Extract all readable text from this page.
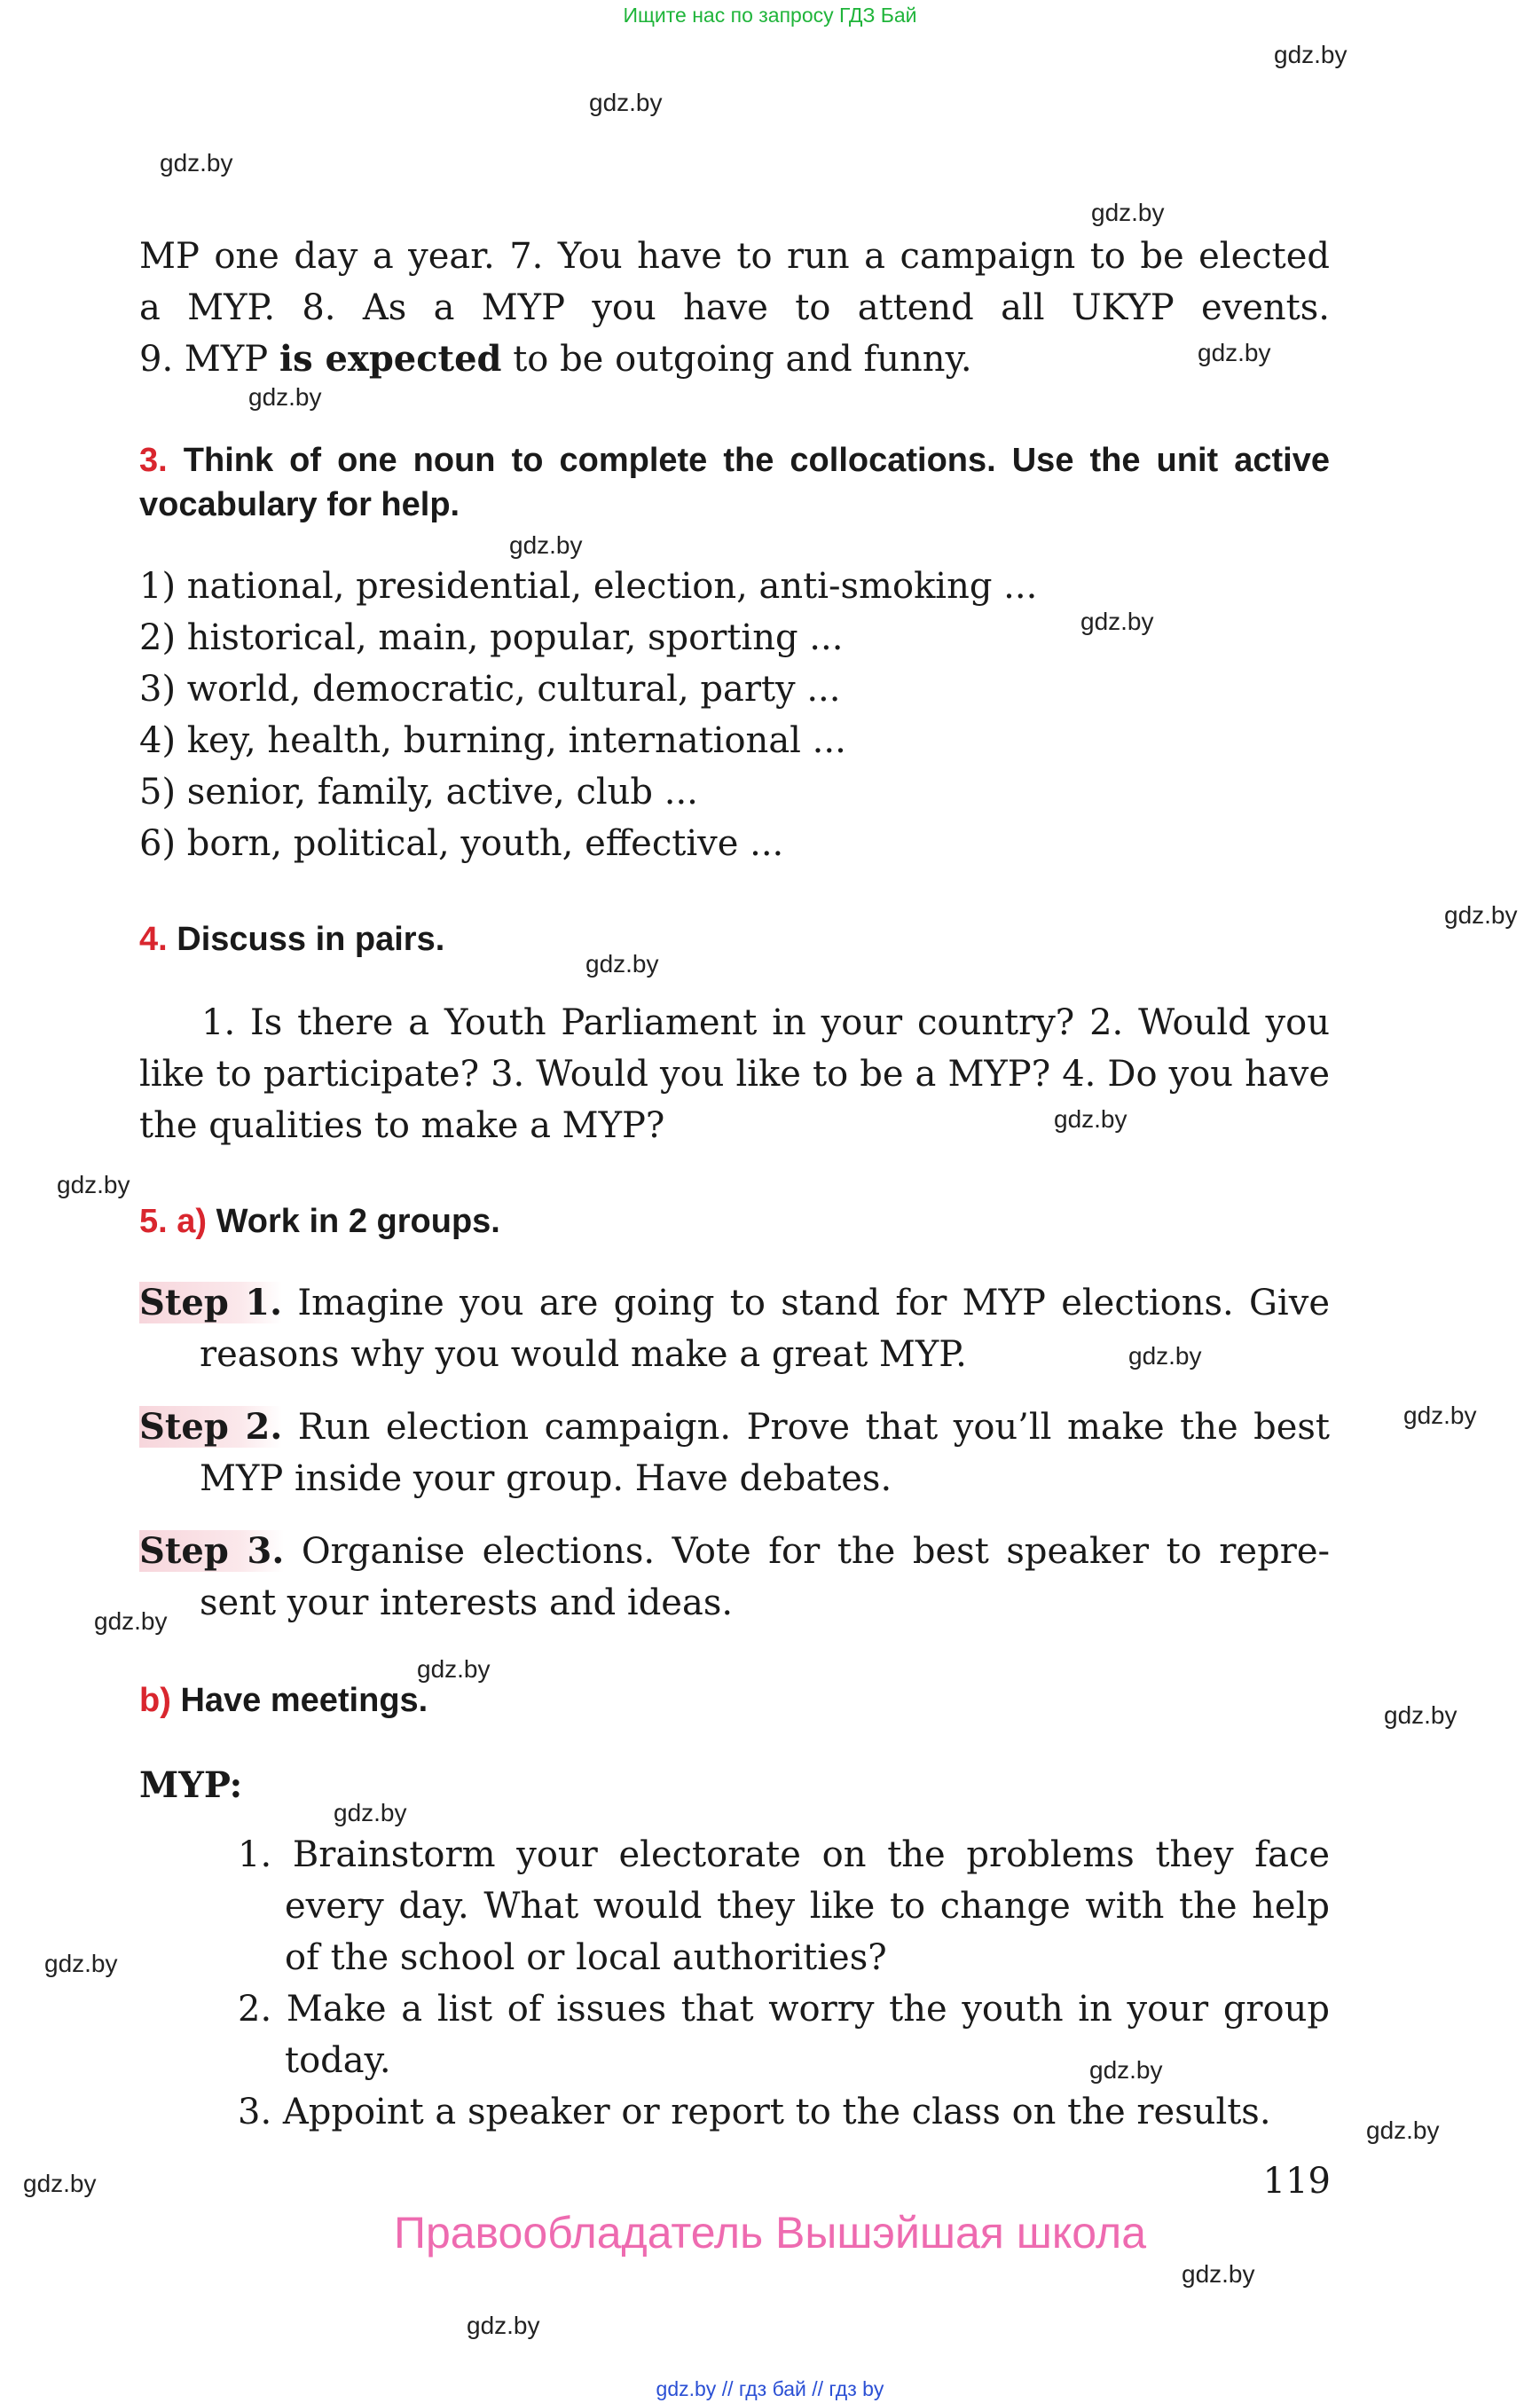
Ищите нас по запросу ГДЗ Бай
gdz.by
gdz.by
gdz.by
gdz.by
gdz.by
gdz.by
gdz.by
gdz.by
gdz.by
gdz.by
gdz.by
gdz.by
gdz.by
gdz.by
gdz.by
gdz.by
gdz.by
gdz.by
gdz.by
gdz.by
gdz.by
gdz.by
gdz.by
gdz.by
MP one day a year. 7. You have to run a campaign to be elected
a MYP. 8. As a MYP you have to attend all UKYP events.
9. MYP is expected to be outgoing and funny.
3. Think of one noun to complete the collocations. Use the unit active vocabulary for help.
1) national, presidential, election, anti-smoking ...
2) historical, main, popular, sporting ...
3) world, democratic, cultural, party ...
4) key, health, burning, international ...
5) senior, family, active, club ...
6) born, political, youth, effective ...
4. Discuss in pairs.
1. Is there a Youth Parliament in your country? 2. Would you like to participate? 3. Would you like to be a MYP? 4. Do you have the qualities to make a MYP?
5. a) Work in 2 groups.
Step 1. Imagine you are going to stand for MYP elections. Give reasons why you would make a great MYP.
Step 2. Run election campaign. Prove that you’ll make the best MYP inside your group. Have debates.
Step 3. Organise elections. Vote for the best speaker to repre-sent your interests and ideas.
b) Have meetings.
MYP:
1. Brainstorm your electorate on the problems they face every day. What would they like to change with the help of the school or local authorities?
2. Make a list of issues that worry the youth in your group today.
3. Appoint a speaker or report to the class on the results.
119
Правообладатель Вышэйшая школа
gdz.by // гдз бай // гдз by
